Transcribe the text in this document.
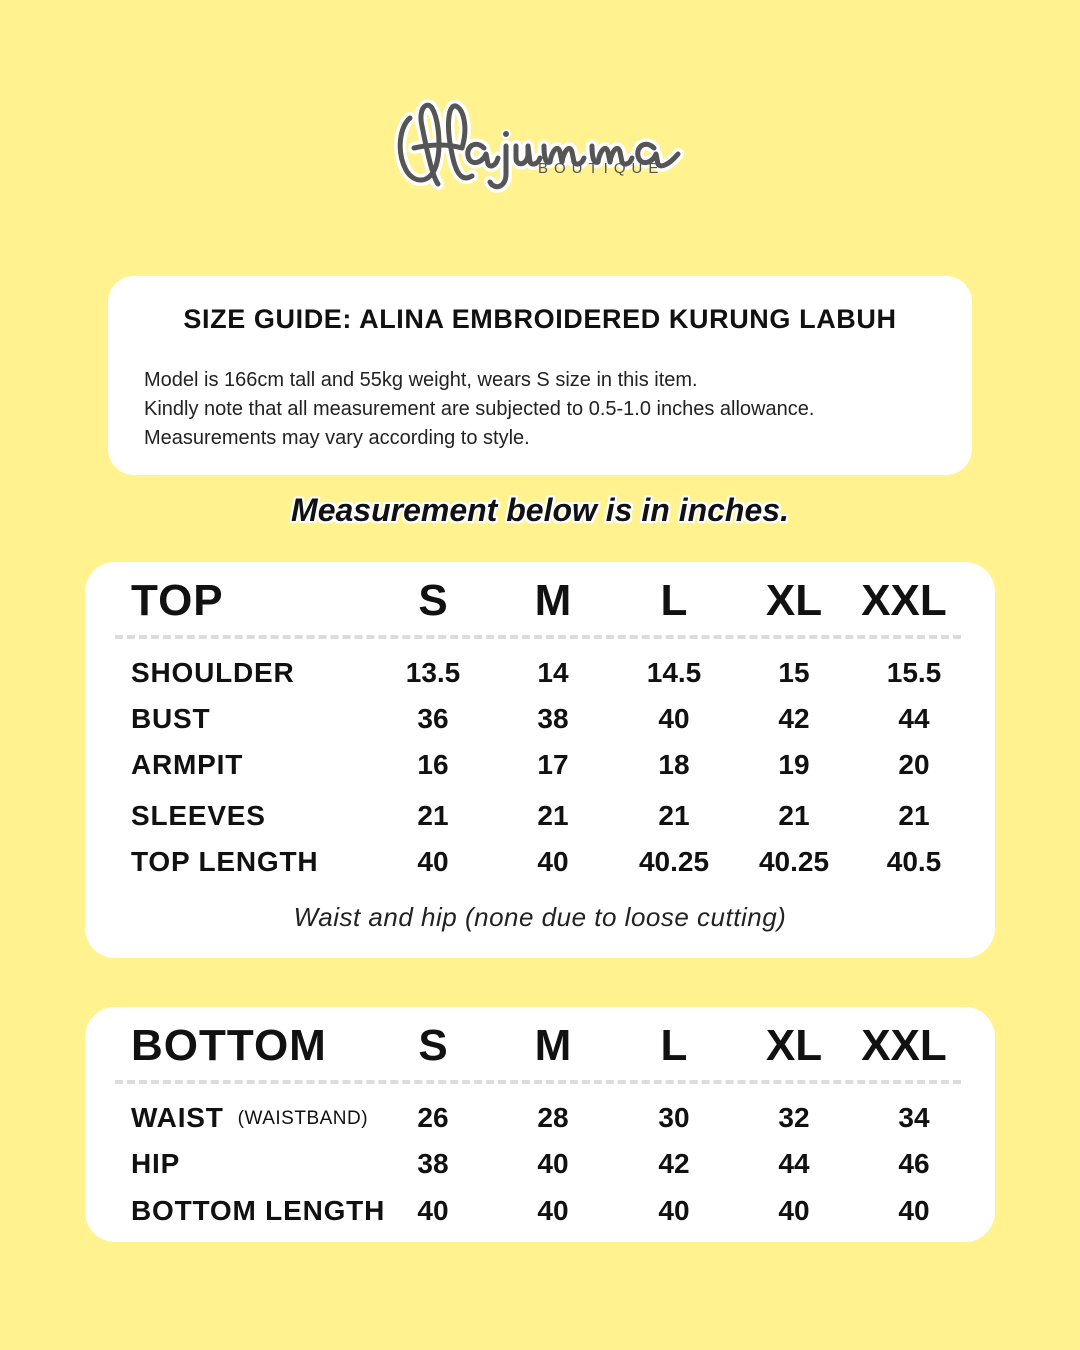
BOUTIQUE
SIZE GUIDE: ALINA EMBROIDERED KURUNG LABUH
Model is 166cm tall and 55kg weight, wears S size in this item.
Kindly note that all measurement are subjected to 0.5-1.0 inches allowance.
Measurements may vary according to style.
Measurement below is in inches.
TOP	S	M	L	XL XXL
SHOULDER	13.5	14	14.5	15	15.5
BUST	36	38	40	42	44
ARMPIT	16	17	18	19	20
SLEEVES	21	21	21	21	21
TOP LENGTH	40	40	40.25	40.25	40.5
Waist and hip (none due to loose cutting)
BOTTOM	S	M	L	XL XXL
WAIST (WAISTBAND)	26	28	30	32	34
HIP	38	40	42	44	46
BOTTOM LENGTH	40	40	40	40	40
